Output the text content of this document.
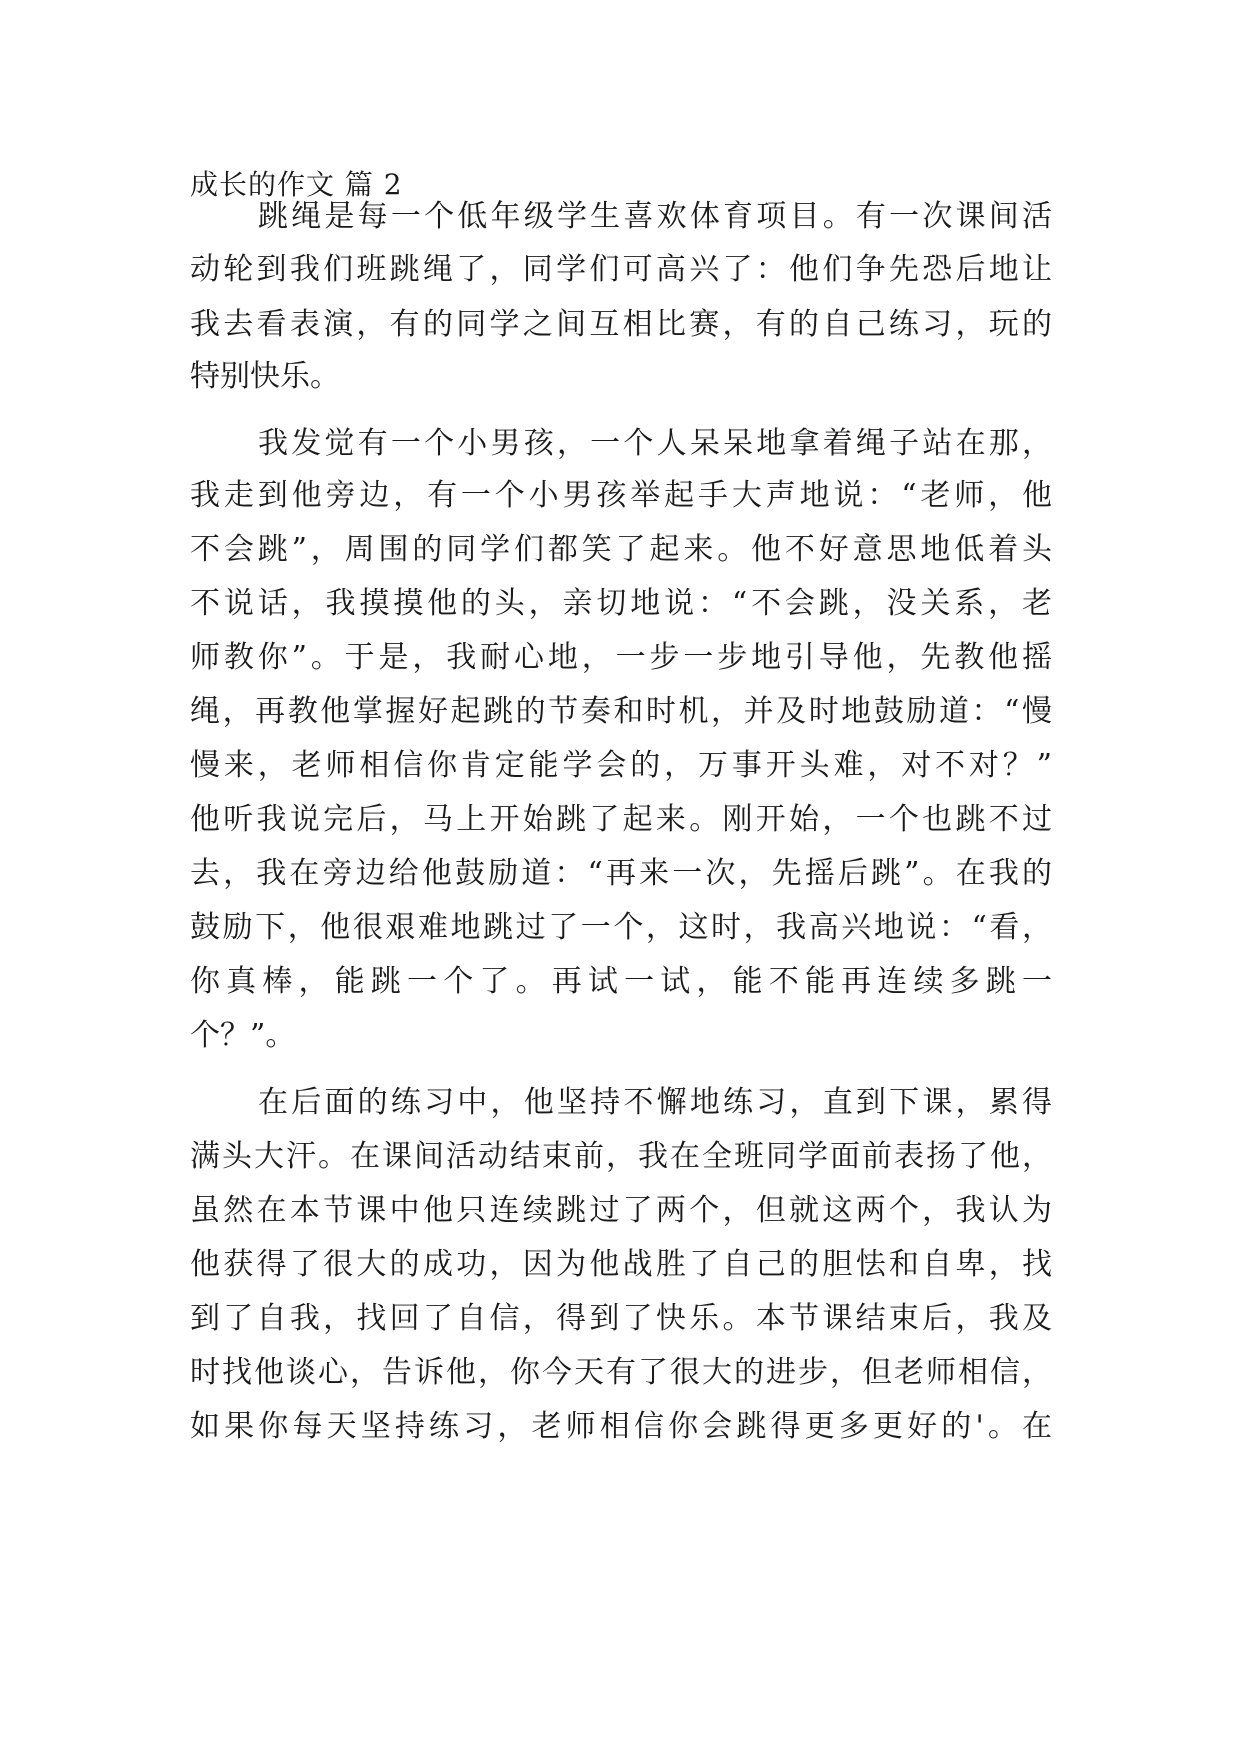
成长的作文 篇 2
跳绳是每一个低年级学生喜欢体育项目。有一次课间活
动轮到我们班跳绳了，同学们可高兴了：他们争先恐后地让
我去看表演，有的同学之间互相比赛，有的自己练习，玩的
特别快乐。
我发觉有一个小男孩，一个人呆呆地拿着绳子站在那，
我走到他旁边，有一个小男孩举起手大声地说：“老师，他
不会跳”，周围的同学们都笑了起来。他不好意思地低着头
不说话，我摸摸他的头，亲切地说：“不会跳，没关系，老
师教你”。于是，我耐心地，一步一步地引导他，先教他摇
绳，再教他掌握好起跳的节奏和时机，并及时地鼓励道：“慢
慢来，老师相信你肯定能学会的，万事开头难，对不对？”
他听我说完后，马上开始跳了起来。刚开始，一个也跳不过
去，我在旁边给他鼓励道：“再来一次，先摇后跳”。在我的
鼓励下，他很艰难地跳过了一个，这时，我高兴地说：“看，
你真棒，能跳一个了。再试一试，能不能再连续多跳一
个？”。
在后面的练习中，他坚持不懈地练习，直到下课，累得
满头大汗。在课间活动结束前，我在全班同学面前表扬了他，
虽然在本节课中他只连续跳过了两个，但就这两个，我认为
他获得了很大的成功，因为他战胜了自己的胆怯和自卑，找
到了自我，找回了自信，得到了快乐。本节课结束后，我及
时找他谈心，告诉他，你今天有了很大的进步，但老师相信，
如果你每天坚持练习，老师相信你会跳得更多更好的'。在
